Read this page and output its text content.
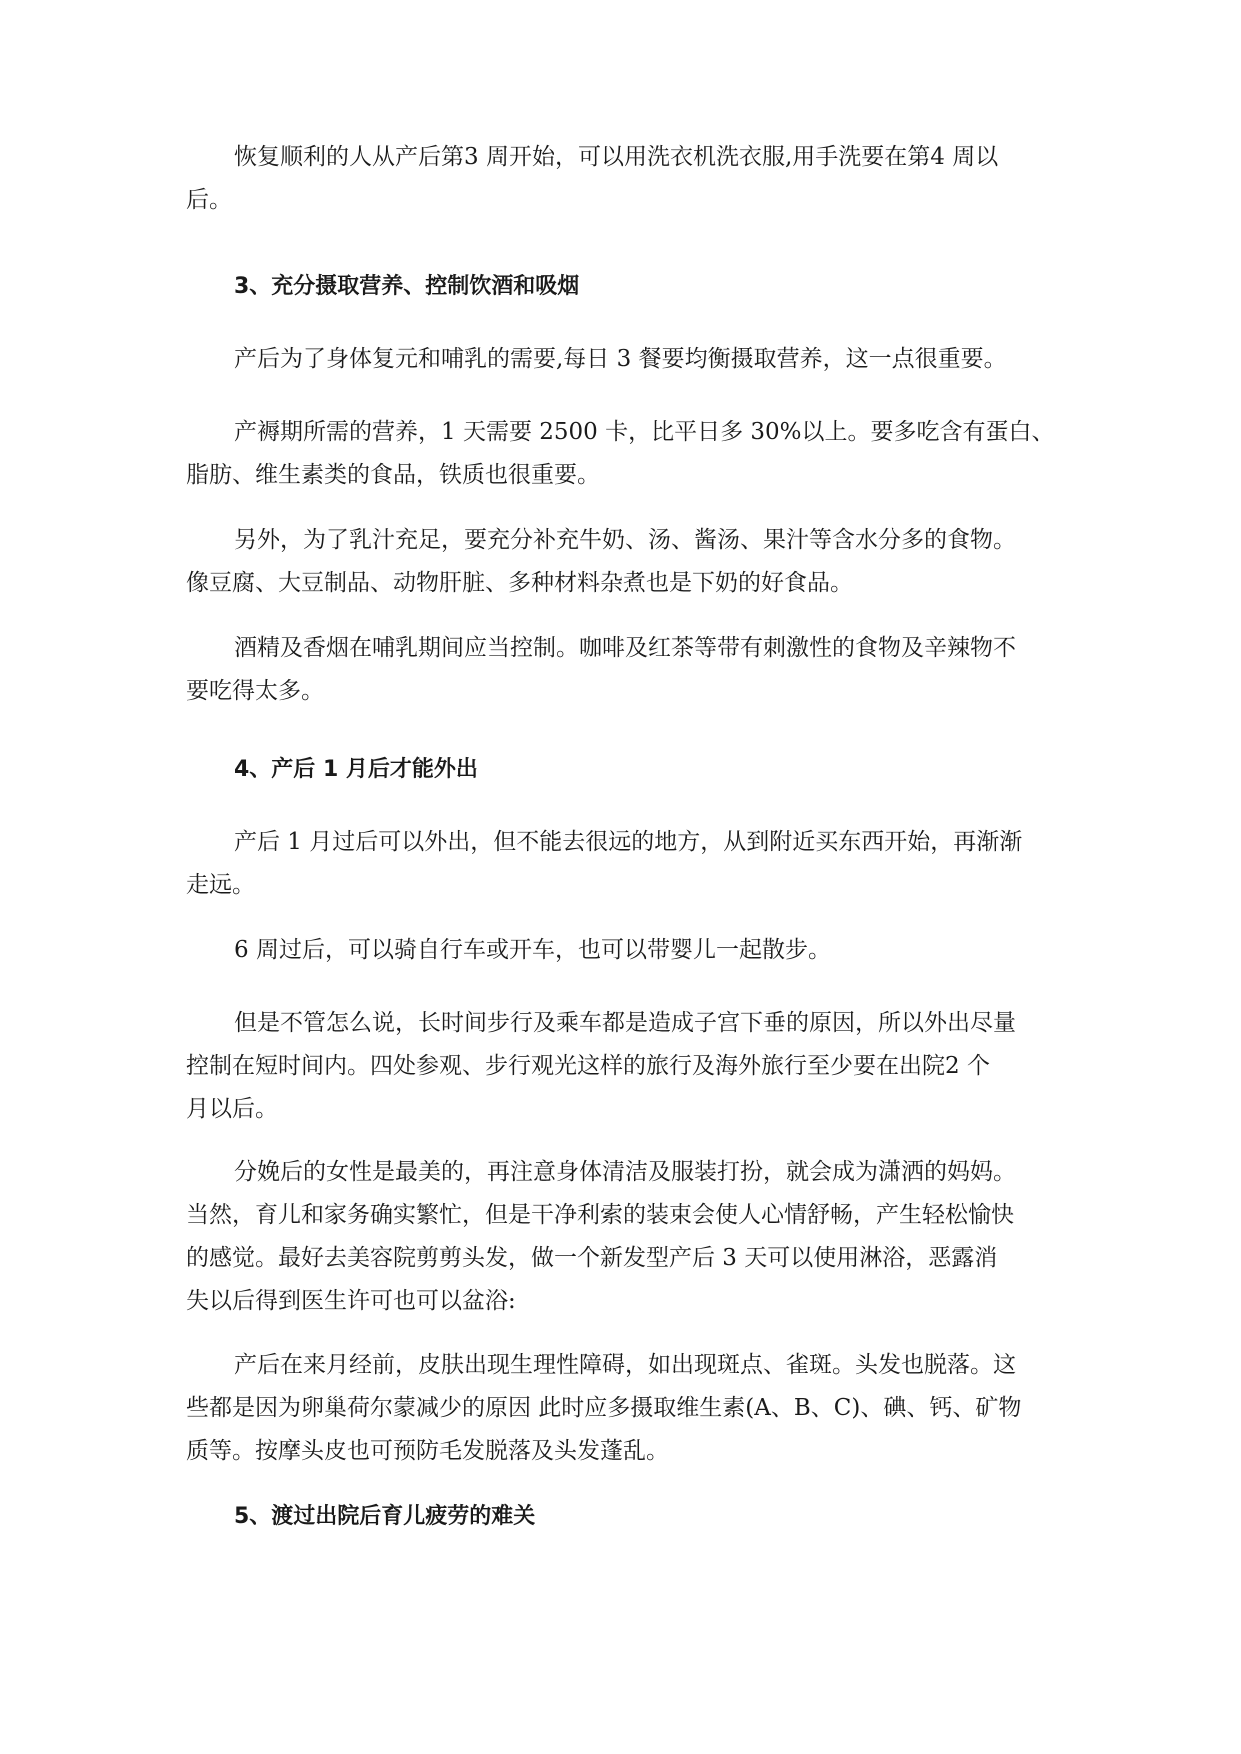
恢复顺利的人从产后第3 周开始，可以用洗衣机洗衣服,用手洗要在第4 周以
后。
3、充分摄取营养、控制饮酒和吸烟
产后为了身体复元和哺乳的需要,每日 3 餐要均衡摄取营养，这一点很重要。
产褥期所需的营养，1 天需要 2500 卡，比平日多 30%以上。要多吃含有蛋白、
脂肪、维生素类的食品，铁质也很重要。
另外，为了乳汁充足，要充分补充牛奶、汤、酱汤、果汁等含水分多的食物。
像豆腐、大豆制品、动物肝脏、多种材料杂煮也是下奶的好食品。
酒精及香烟在哺乳期间应当控制。咖啡及红茶等带有刺激性的食物及辛辣物不
要吃得太多。
4、产后 1 月后才能外出
产后 1 月过后可以外出，但不能去很远的地方，从到附近买东西开始，再渐渐
走远。
6 周过后，可以骑自行车或开车，也可以带婴儿一起散步。
但是不管怎么说，长时间步行及乘车都是造成子宫下垂的原因，所以外出尽量
控制在短时间内。四处参观、步行观光这样的旅行及海外旅行至少要在出院2 个
月以后。
分娩后的女性是最美的，再注意身体清洁及服装打扮，就会成为潇洒的妈妈。
当然，育儿和家务确实繁忙，但是干净利索的装束会使人心情舒畅，产生轻松愉快
的感觉。最好去美容院剪剪头发，做一个新发型产后 3 天可以使用淋浴，恶露消
失以后得到医生许可也可以盆浴:
产后在来月经前，皮肤出现生理性障碍，如出现斑点、雀斑。头发也脱落。这
些都是因为卵巢荷尔蒙减少的原因 此时应多摄取维生素(A、B、C)、碘、钙、矿物
质等。按摩头皮也可预防毛发脱落及头发蓬乱。
5、渡过出院后育儿疲劳的难关
